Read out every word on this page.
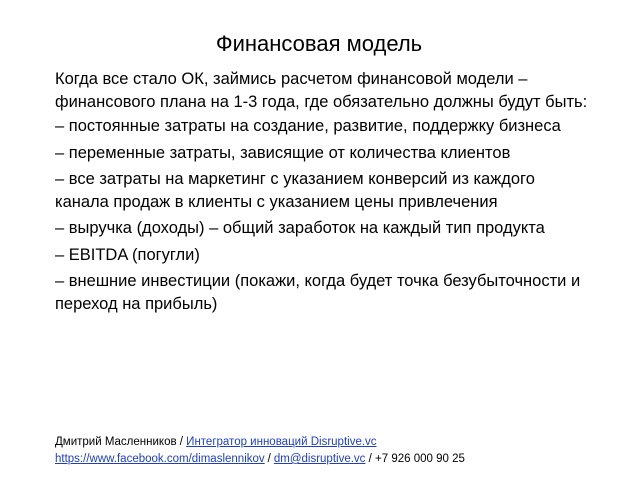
Финансовая модель

Когда все стало ОК, займись расчетом финансовой модели – финансового плана на 1-3 года, где обязательно должны будут быть:

– постоянные затраты на создание, развитие, поддержку бизнеса

– переменные затраты, зависящие от количества клиентов

– все затраты на маркетинг с указанием конверсий из каждого канала продаж в клиенты с указанием цены привлечения

– выручка (доходы) – общий заработок на каждый тип продукта

– EBITDA (погугли)

– внешние инвестиции (покажи, когда будет точка безубыточности и переход на прибыль)

Дмитрий Масленников / Интегратор инноваций Disruptive.vc
https://www.facebook.com/dimaslennikov / dm@disruptive.vc / +7 926 000 90 25
